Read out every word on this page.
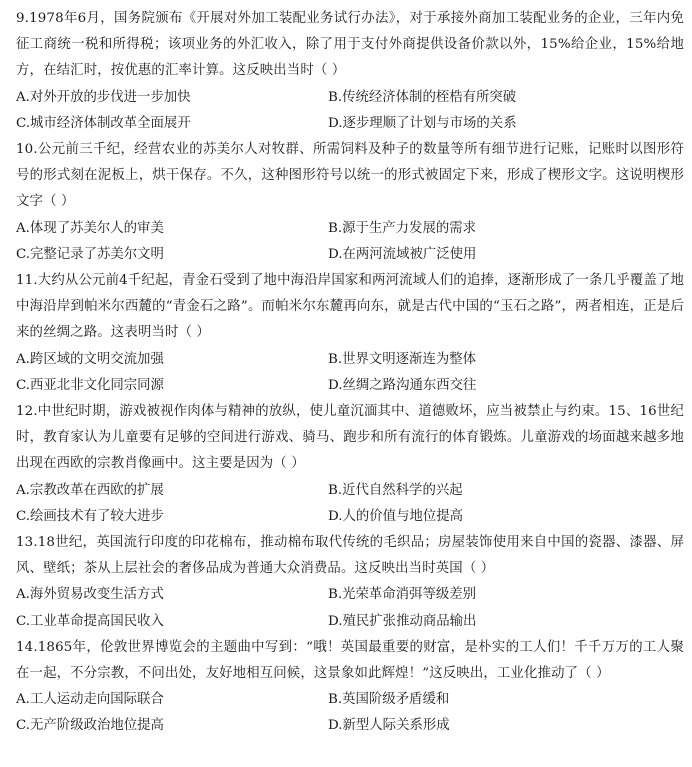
9.1978年6月，国务院颁布《开展对外加工装配业务试行办法》，对于承接外商加工装配业务的企业，三年内免征工商统一税和所得税；该项业务的外汇收入，除了用于支付外商提供设备价款以外，15%给企业，15%给地方，在结汇时，按优惠的汇率计算。这反映出当时（ ）

A.对外开放的步伐进一步加快	B.传统经济体制的桎梏有所突破
C.城市经济体制改革全面展开	D.逐步理顺了计划与市场的关系

10.公元前三千纪，经营农业的苏美尔人对牧群、所需饲料及种子的数量等所有细节进行记账，记账时以图形符号的形式刻在泥板上，烘干保存。不久，这种图形符号以统一的形式被固定下来，形成了楔形文字。这说明楔形文字（ ）

A.体现了苏美尔人的审美	B.源于生产力发展的需求
C.完整记录了苏美尔文明	D.在两河流域被广泛使用

11.大约从公元前4千纪起，青金石受到了地中海沿岸国家和两河流域人们的追捧，逐渐形成了一条几乎覆盖了地中海沿岸到帕米尔西麓的“青金石之路”。而帕米尔东麓再向东，就是古代中国的“玉石之路”，两者相连，正是后来的丝绸之路。这表明当时（ ）

A.跨区域的文明交流加强	B.世界文明逐渐连为整体
C.西亚北非文化同宗同源	D.丝绸之路沟通东西交往

12.中世纪时期，游戏被视作肉体与精神的放纵，使儿童沉湎其中、道德败坏，应当被禁止与约束。15、16世纪时，教育家认为儿童要有足够的空间进行游戏、骑马、跑步和所有流行的体育锻炼。儿童游戏的场面越来越多地出现在西欧的宗教肖像画中。这主要是因为（ ）

A.宗教改革在西欧的扩展	B.近代自然科学的兴起
C.绘画技术有了较大进步	D.人的价值与地位提高

13.18世纪，英国流行印度的印花棉布，推动棉布取代传统的毛织品；房屋装饰使用来自中国的瓷器、漆器、屏风、壁纸；茶从上层社会的奢侈品成为普通大众消费品。这反映出当时英国（ ）

A.海外贸易改变生活方式	B.光荣革命消弭等级差别
C.工业革命提高国民收入	D.殖民扩张推动商品输出

14.1865年，伦敦世界博览会的主题曲中写到：“哦！英国最重要的财富，是朴实的工人们！千千万万的工人聚在一起，不分宗教，不问出处，友好地相互问候，这景象如此辉煌！”这反映出，工业化推动了（ ）

A.工人运动走向国际联合	B.英国阶级矛盾缓和
C.无产阶级政治地位提高	D.新型人际关系形成
